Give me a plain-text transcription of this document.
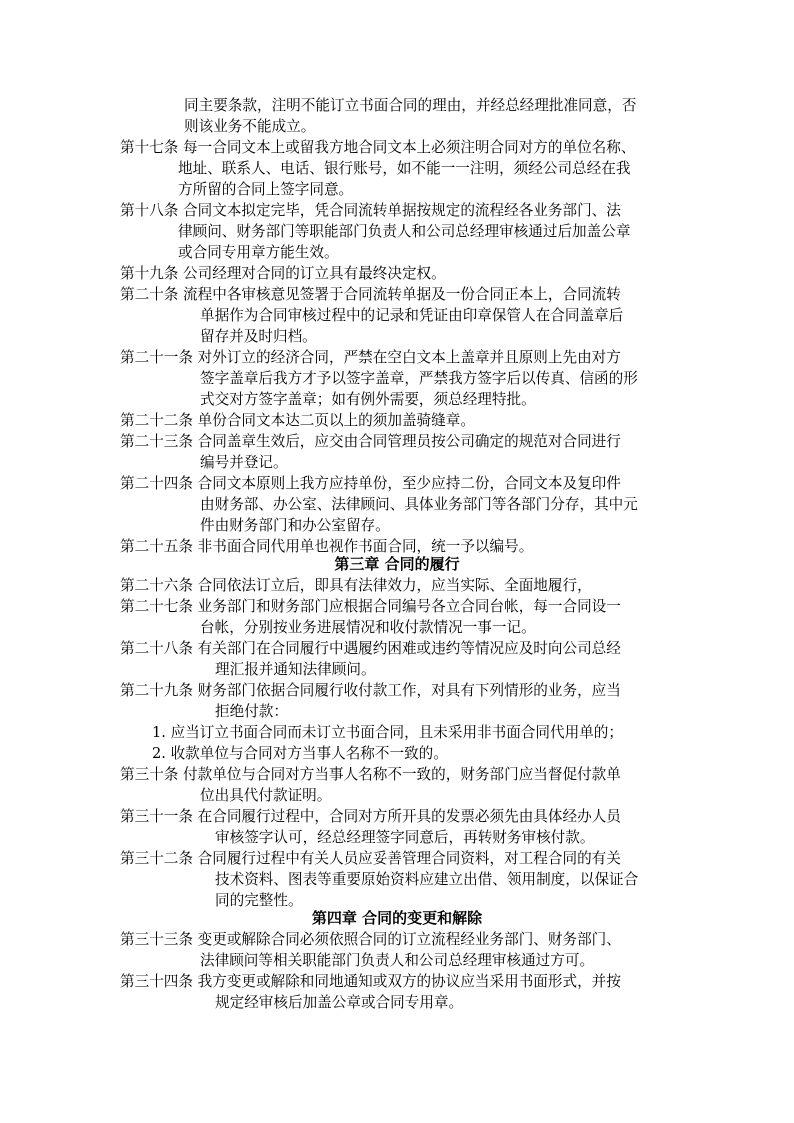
同主要条款，注明不能订立书面合同的理由，并经总经理批准同意，否
则该业务不能成立。
第十七条 每一合同文本上或留我方地合同文本上必须注明合同对方的单位名称、
地址、联系人、电话、银行账号，如不能一一注明，须经公司总经在我
方所留的合同上签字同意。
第十八条 合同文本拟定完毕，凭合同流转单据按规定的流程经各业务部门、法
律顾问、财务部门等职能部门负责人和公司总经理审核通过后加盖公章
或合同专用章方能生效。
第十九条 公司经理对合同的订立具有最终决定权。
第二十条 流程中各审核意见签署于合同流转单据及一份合同正本上，合同流转
单据作为合同审核过程中的记录和凭证由印章保管人在合同盖章后
留存并及时归档。
第二十一条 对外订立的经济合同，严禁在空白文本上盖章并且原则上先由对方
签字盖章后我方才予以签字盖章，严禁我方签字后以传真、信函的形
式交对方签字盖章；如有例外需要，须总经理特批。
第二十二条 单份合同文本达二页以上的须加盖骑缝章。
第二十三条 合同盖章生效后，应交由合同管理员按公司确定的规范对合同进行
编号并登记。
第二十四条 合同文本原则上我方应持单份，至少应持二份，合同文本及复印件
由财务部、办公室、法律顾问、具体业务部门等各部门分存，其中元
件由财务部门和办公室留存。
第二十五条 非书面合同代用单也视作书面合同，统一予以编号。
第三章 合同的履行
第二十六条 合同依法订立后，即具有法律效力，应当实际、全面地履行，
第二十七条 业务部门和财务部门应根据合同编号各立合同台帐，每一合同设一
台帐，分别按业务进展情况和收付款情况一事一记。
第二十八条 有关部门在合同履行中遇履约困难或违约等情况应及时向公司总经
理汇报并通知法律顾问。
第二十九条 财务部门依据合同履行收付款工作，对具有下列情形的业务，应当
拒绝付款：
1. 应当订立书面合同而未订立书面合同，且未采用非书面合同代用单的；
2. 收款单位与合同对方当事人名称不一致的。
第三十条 付款单位与合同对方当事人名称不一致的，财务部门应当督促付款单
位出具代付款证明。
第三十一条 在合同履行过程中，合同对方所开具的发票必须先由具体经办人员
审核签字认可，经总经理签字同意后，再转财务审核付款。
第三十二条 合同履行过程中有关人员应妥善管理合同资料，对工程合同的有关
技术资料、图表等重要原始资料应建立出借、领用制度，以保证合
同的完整性。
第四章 合同的变更和解除
第三十三条 变更或解除合同必须依照合同的订立流程经业务部门、财务部门、
法律顾问等相关职能部门负责人和公司总经理审核通过方可。
第三十四条 我方变更或解除和同地通知或双方的协议应当采用书面形式，并按
规定经审核后加盖公章或合同专用章。
